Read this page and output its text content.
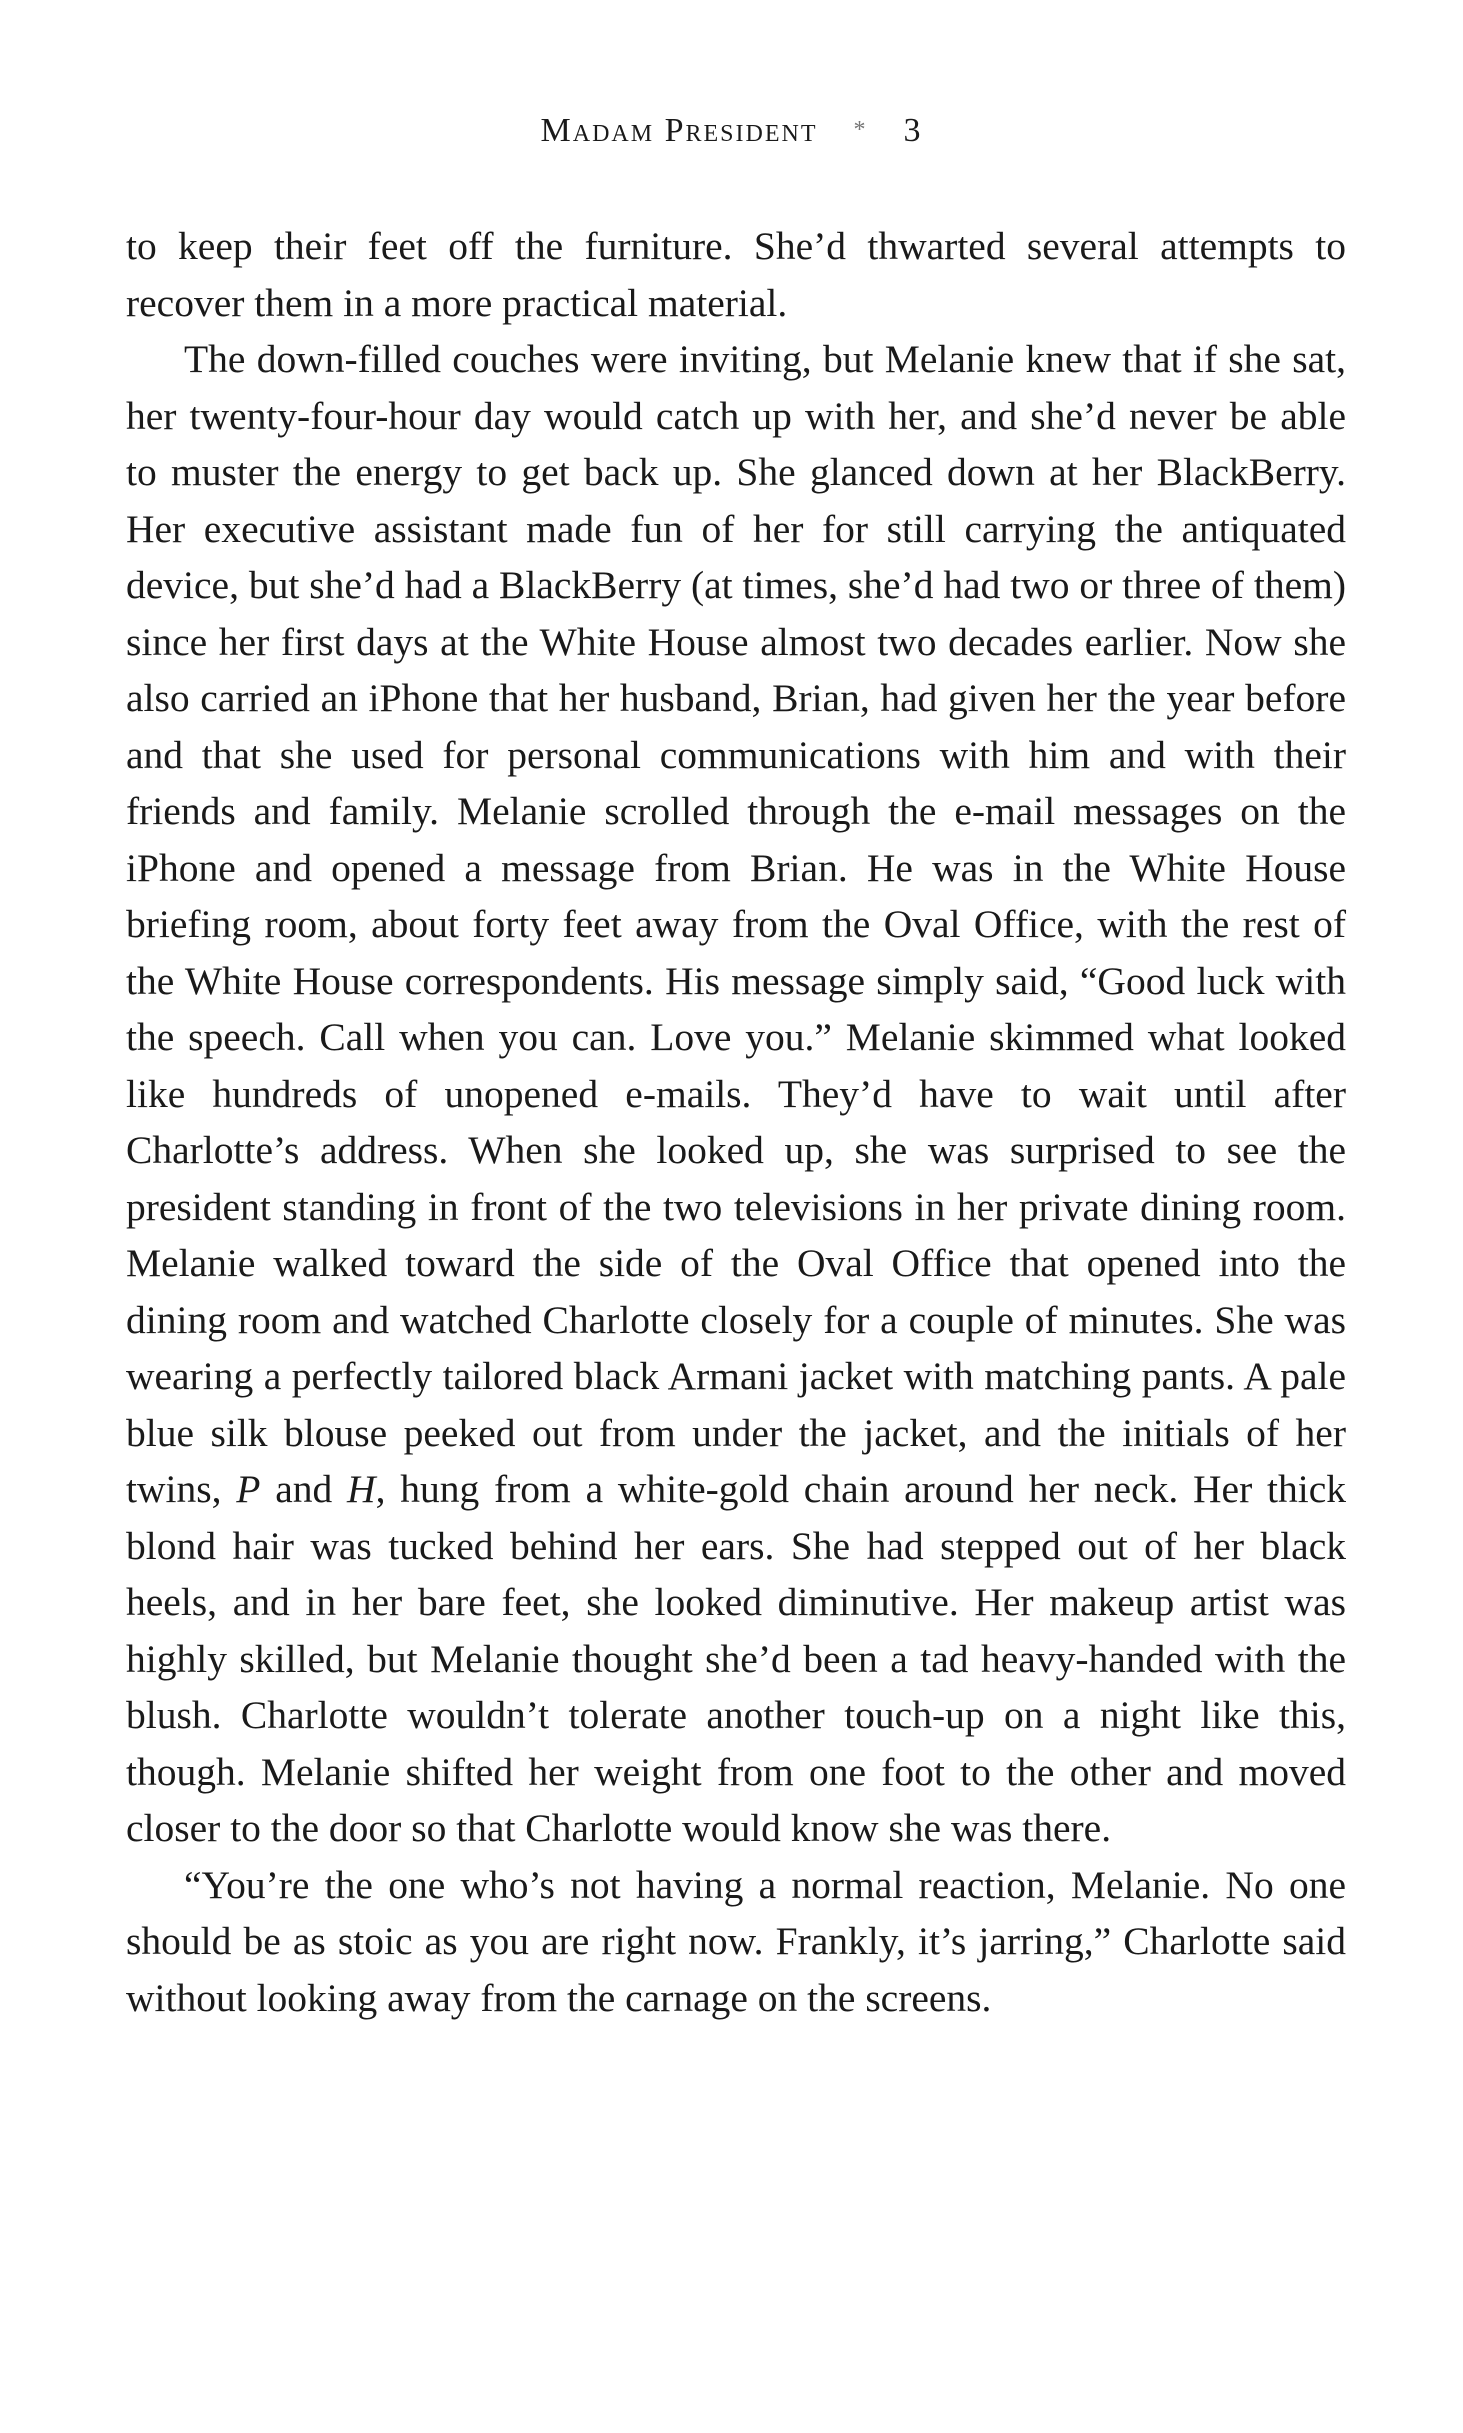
Madam President * 3

to keep their feet off the furniture. She’d thwarted several attempts to recover them in a more practical material.

The down-filled couches were inviting, but Melanie knew that if she sat, her twenty-four-hour day would catch up with her, and she’d never be able to muster the energy to get back up. She glanced down at her BlackBerry. Her executive assistant made fun of her for still carrying the antiquated device, but she’d had a BlackBerry (at times, she’d had two or three of them) since her first days at the White House almost two decades earlier. Now she also carried an iPhone that her husband, Brian, had given her the year before and that she used for personal communications with him and with their friends and family. Melanie scrolled through the e-mail messages on the iPhone and opened a message from Brian. He was in the White House briefing room, about forty feet away from the Oval Office, with the rest of the White House correspondents. His message simply said, “Good luck with the speech. Call when you can. Love you.” Melanie skimmed what looked like hundreds of unopened e-mails. They’d have to wait until after Charlotte’s address. When she looked up, she was surprised to see the president standing in front of the two televisions in her private dining room. Melanie walked toward the side of the Oval Office that opened into the dining room and watched Charlotte closely for a couple of minutes. She was wearing a perfectly tailored black Armani jacket with matching pants. A pale blue silk blouse peeked out from under the jacket, and the initials of her twins, P and H, hung from a white-gold chain around her neck. Her thick blond hair was tucked behind her ears. She had stepped out of her black heels, and in her bare feet, she looked diminutive. Her makeup artist was highly skilled, but Melanie thought she’d been a tad heavy-handed with the blush. Charlotte wouldn’t tolerate another touch-up on a night like this, though. Melanie shifted her weight from one foot to the other and moved closer to the door so that Charlotte would know she was there.

“You’re the one who’s not having a normal reaction, Melanie. No one should be as stoic as you are right now. Frankly, it’s jarring,” Charlotte said without looking away from the carnage on the screens.
